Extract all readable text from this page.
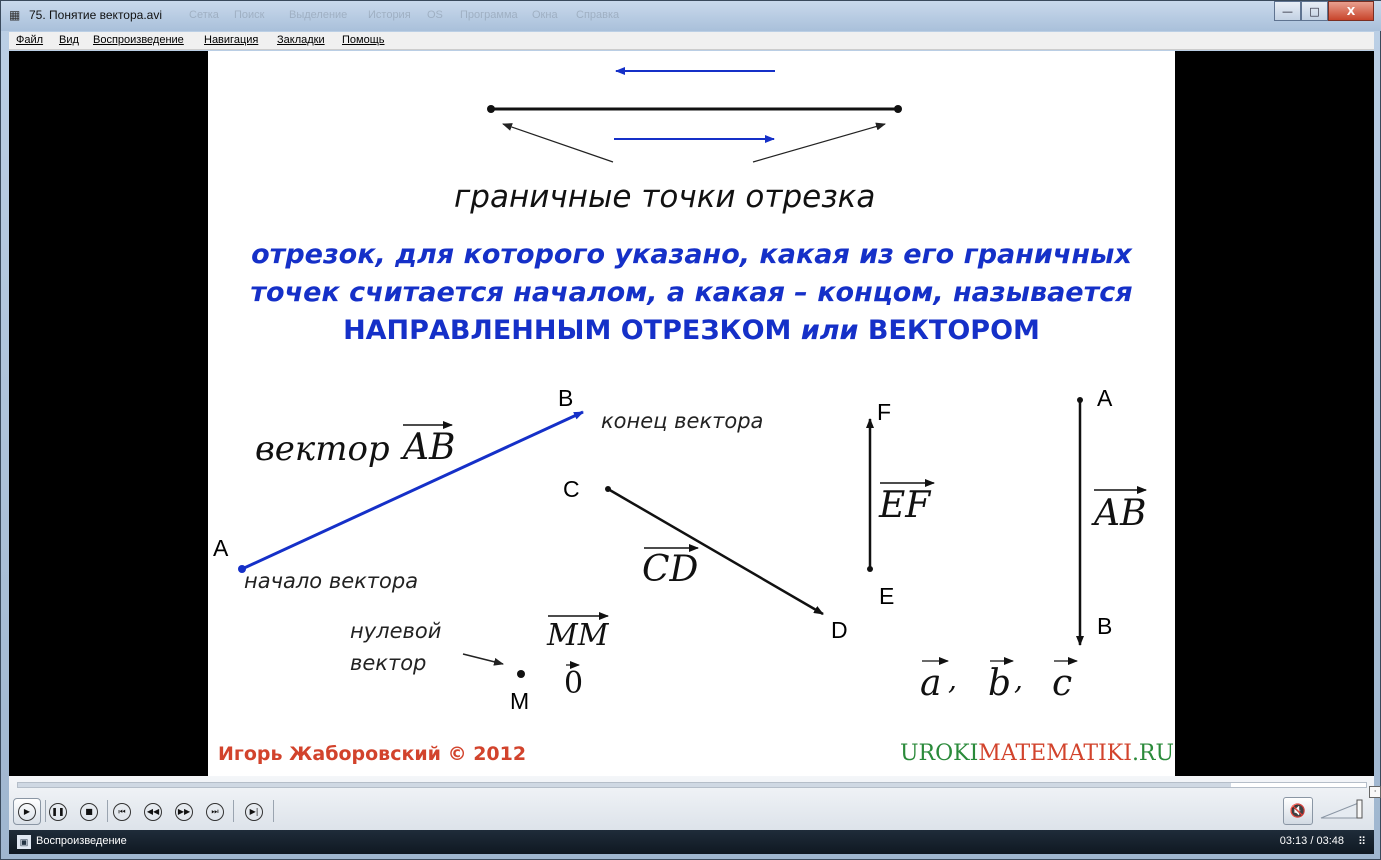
▦ 75. Понятие вектора.avi Сетка Поиск Выделение История OS Программа Окна Справка	—	□	X
Файл Вид Воспроизведение Навигация Закладки Помощь
граничные точки отрезка
отрезок, для которого указано, какая из его граничных
точек считается началом, а какая – концом, называется
НАПРАВЛЕННЫМ ОТРЕЗКОМ или ВЕКТОРОМ
вектор AB
A
B
конец вектора
начало вектора
C
D
CD
F
E
EF
A
B
AB
нулевой
вектор
MM
0
M	a , b , c
Игорь Жаборовский © 2012	UROKIMATEMATIKI.RU
·
▶	❚❚	■	⏮	◀◀	▶▶	⏭	▶|	🔇
▣ Воспроизведение	03:13 / 03:48 ⠿
